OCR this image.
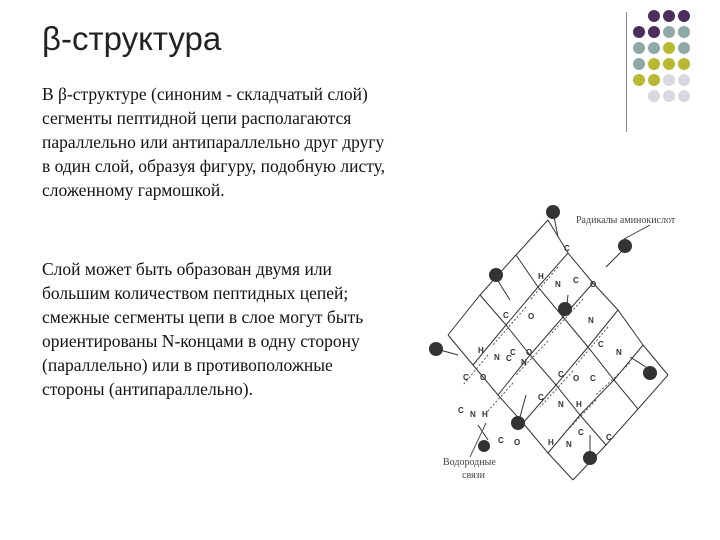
β-структура

В β-структуре (синоним - складчатый слой) сегменты пептидной цепи располагаются параллельно или антипараллельно друг другу в один слой, образуя фигуру, подобную листу, сложенному гармошкой.

Слой может быть образован двумя или большим количеством пептидных цепей; смежные сегменты цепи в слое могут быть ориентированы N-концами в одну сторону (параллельно) или в противоположные стороны (антипараллельно).

C
H
N C O
C O	N
C
N
C N
H
N
C O
C O C
C O
C
N H
C N H
C
C O	H N
C
Радикалы аминокислот
Водородные
связи
